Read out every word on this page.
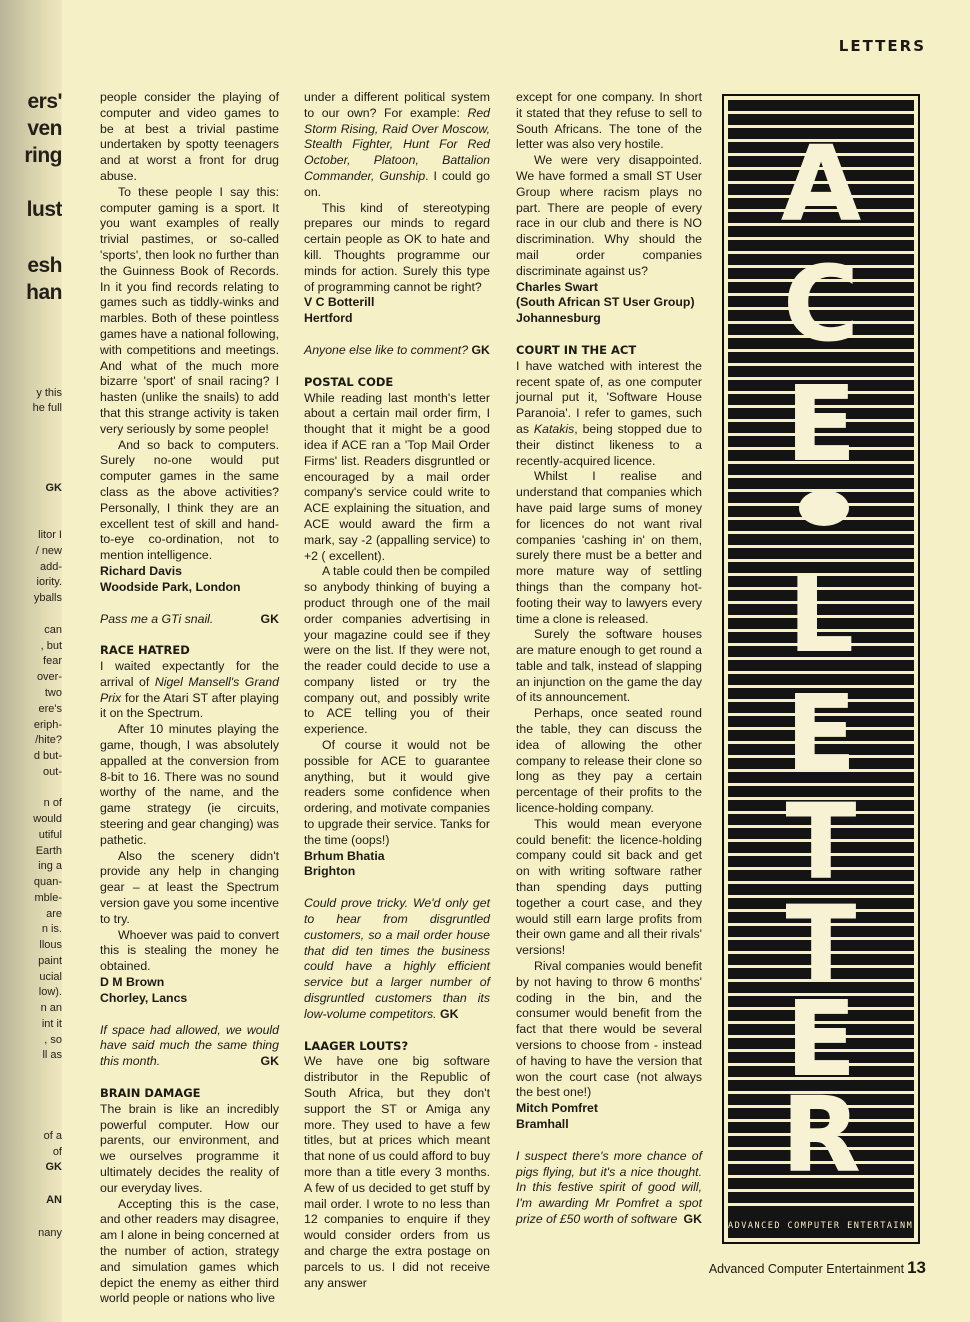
ers'
ven
ring
lust
esh
han
y this
he full
GK
litor I
/ new
add-
iority.
yballs
can
, but
fear
over-
two
ere's
eriph-
/hite?
d but-
out-
n of
would
utiful
Earth
ing a
quan-
mble-
are
n is.
llous
paint
ucial
low).
n an
int it
, so
ll as
of a
of
GK
AN
nany
LETTERS

people consider the playing of computer and video games to be at best a trivial pastime undertaken by spotty teenagers and at worst a front for drug abuse.

To these people I say this: computer gaming is a sport. It you want examples of really trivial pastimes, or so-called 'sports', then look no further than the Guinness Book of Records. In it you find records relating to games such as tiddly-winks and marbles. Both of these pointless games have a national following, with competitions and meetings. And what of the much more bizarre 'sport' of snail racing? I hasten (unlike the snails) to add that this strange activity is taken very seriously by some people!

And so back to computers. Surely no-one would put computer games in the same class as the above activities? Personally, I think they are an excellent test of skill and hand-to-eye co-ordination, not to mention intelligence.

Richard Davis
Woodside Park, London
Pass me a GTi snail.	GK
RACE HATRED

I waited expectantly for the arrival of Nigel Mansell's Grand Prix for the Atari ST after playing it on the Spectrum.

After 10 minutes playing the game, though, I was absolutely appalled at the conversion from 8-bit to 16. There was no sound worthy of the name, and the game strategy (ie circuits, steering and gear changing) was pathetic.

Also the scenery didn't provide any help in changing gear – at least the Spectrum version gave you some incentive to try.

Whoever was paid to convert this is stealing the money he obtained.

D M Brown
Chorley, Lancs
If space had allowed, we would have said much the same thing this month.	GK
BRAIN DAMAGE

The brain is like an incredibly powerful computer. How our parents, our environment, and we ourselves programme it ultimately decides the reality of our everyday lives.

Accepting this is the case, and other readers may disagree, am I alone in being concerned at the number of action, strategy and simulation games which depict the enemy as either third world people or nations who live

under a different political system to our own? For example: Red Storm Rising, Raid Over Moscow, Stealth Fighter, Hunt For Red October, Platoon, Battalion Commander, Gunship. I could go on.

This kind of stereotyping prepares our minds to regard certain people as OK to hate and kill. Thoughts programme our minds for action. Surely this type of programming cannot be right?

V C Botterill
Hertford
Anyone else like to comment? GK
POSTAL CODE

While reading last month's letter about a certain mail order firm, I thought that it might be a good idea if ACE ran a 'Top Mail Order Firms' list. Readers disgruntled or encouraged by a mail order company's service could write to ACE explaining the situation, and ACE would award the firm a mark, say -2 (appalling service) to +2 ( excellent).

A table could then be compiled so anybody thinking of buying a product through one of the mail order companies advertising in your magazine could see if they were on the list. If they were not, the reader could decide to use a company listed or try the company out, and possibly write to ACE telling you of their experience.

Of course it would not be possible for ACE to guarantee anything, but it would give readers some confidence when ordering, and motivate companies to upgrade their service. Tanks for the time (oops!)

Brhum Bhatia
Brighton
Could prove tricky. We'd only get to hear from disgruntled customers, so a mail order house that did ten times the business could have a highly efficient service but a larger number of disgruntled customers than its low-volume competitors. GK
LAAGER LOUTS?

We have one big software distributor in the Republic of South Africa, but they don't support the ST or Amiga any more. They used to have a few titles, but at prices which meant that none of us could afford to buy more than a title every 3 months. A few of us decided to get stuff by mail order. I wrote to no less than 12 companies to enquire if they would consider orders from us and charge the extra postage on parcels to us. I did not receive any answer

except for one company. In short it stated that they refuse to sell to South Africans. The tone of the letter was also very hostile.

We were very disappointed. We have formed a small ST User Group where racism plays no part. There are people of every race in our club and there is NO discrimination. Why should the mail order companies discriminate against us?

Charles Swart
(South African ST User Group)
Johannesburg
COURT IN THE ACT

I have watched with interest the recent spate of, as one computer journal put it, 'Software House Paranoia'. I refer to games, such as Katakis, being stopped due to their distinct likeness to a recently-acquired licence.

Whilst I realise and understand that companies which have paid large sums of money for licences do not want rival companies 'cashing in' on them, surely there must be a better and more mature way of settling things than the company hot-footing their way to lawyers every time a clone is released.

Surely the software houses are mature enough to get round a table and talk, instead of slapping an injunction on the game the day of its announcement.

Perhaps, once seated round the table, they can discuss the idea of allowing the other company to release their clone so long as they pay a certain percentage of their profits to the licence-holding company.

This would mean everyone could benefit: the licence-holding company could sit back and get on with writing software rather than spending days putting together a court case, and they would still earn large profits from their own game and all their rivals' versions!

Rival companies would benefit by not having to throw 6 months' coding in the bin, and the consumer would benefit from the fact that there would be several versions to choose from - instead of having to have the version that won the court case (not always the best one!)

Mitch Pomfret
Bramhall
I suspect there's more chance of pigs flying, but it's a nice thought. In this festive spirit of good will, I'm awarding Mr Pomfret a spot prize of £50 worth of software GK
A
C
E
L
E
T
T
E
R
ADVANCED COMPUTER ENTERTAINMENT
Advanced Computer Entertainment 13
